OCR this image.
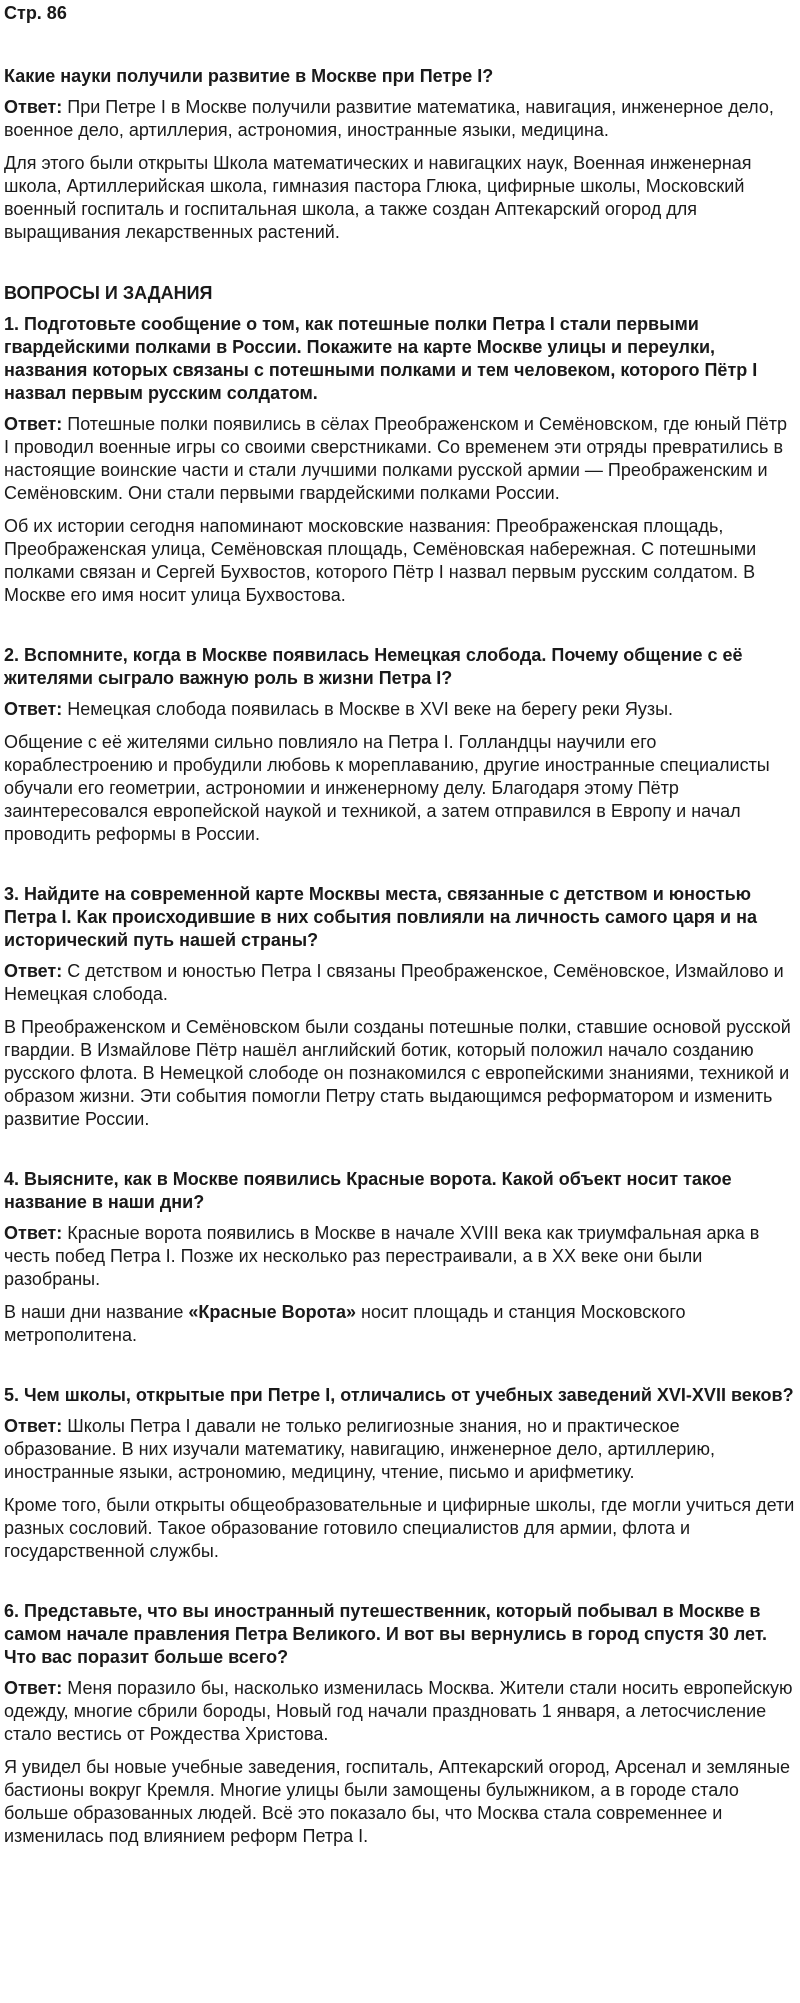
Стр. 86
Какие науки получили развитие в Москве при Петре I?

Ответ: При Петре I в Москве получили развитие математика, навигация, инженерное дело, военное дело, артиллерия, астрономия, иностранные языки, медицина.

Для этого были открыты Школа математических и навигацких наук, Военная инженерная школа, Артиллерийская школа, гимназия пастора Глюка, цифирные школы, Московский военный госпиталь и госпитальная школа, а также создан Аптекарский огород для выращивания лекарственных растений.

ВОПРОСЫ И ЗАДАНИЯ
1. Подготовьте сообщение о том, как потешные полки Петра I стали первыми гвардейскими полками в России. Покажите на карте Москве улицы и переулки, названия которых связаны с потешными полками и тем человеком, которого Пётр I назвал первым русским солдатом.

Ответ: Потешные полки появились в сёлах Преображенском и Семёновском, где юный Пётр I проводил военные игры со своими сверстниками. Со временем эти отряды превратились в настоящие воинские части и стали лучшими полками русской армии — Преображенским и Семёновским. Они стали первыми гвардейскими полками России.

Об их истории сегодня напоминают московские названия: Преображенская площадь, Преображенская улица, Семёновская площадь, Семёновская набережная. С потешными полками связан и Сергей Бухвостов, которого Пётр I назвал первым русским солдатом. В Москве его имя носит улица Бухвостова.

2. Вспомните, когда в Москве появилась Немецкая слобода. Почему общение с её жителями сыграло важную роль в жизни Петра I?

Ответ: Немецкая слобода появилась в Москве в XVI веке на берегу реки Яузы.

Общение с её жителями сильно повлияло на Петра I. Голландцы научили его кораблестроению и пробудили любовь к мореплаванию, другие иностранные специалисты обучали его геометрии, астрономии и инженерному делу. Благодаря этому Пётр заинтересовался европейской наукой и техникой, а затем отправился в Европу и начал проводить реформы в России.

3. Найдите на современной карте Москвы места, связанные с детством и юностью Петра I. Как происходившие в них события повлияли на личность самого царя и на исторический путь нашей страны?

Ответ: С детством и юностью Петра I связаны Преображенское, Семёновское, Измайлово и Немецкая слобода.

В Преображенском и Семёновском были созданы потешные полки, ставшие основой русской гвардии. В Измайлове Пётр нашёл английский ботик, который положил начало созданию русского флота. В Немецкой слободе он познакомился с европейскими знаниями, техникой и образом жизни. Эти события помогли Петру стать выдающимся реформатором и изменить развитие России.

4. Выясните, как в Москве появились Красные ворота. Какой объект носит такое название в наши дни?

Ответ: Красные ворота появились в Москве в начале XVIII века как триумфальная арка в честь побед Петра I. Позже их несколько раз перестраивали, а в XX веке они были разобраны.

В наши дни название «Красные Ворота» носит площадь и станция Московского метрополитена.

5. Чем школы, открытые при Петре I, отличались от учебных заведений XVI-XVII веков?

Ответ: Школы Петра I давали не только религиозные знания, но и практическое образование. В них изучали математику, навигацию, инженерное дело, артиллерию, иностранные языки, астрономию, медицину, чтение, письмо и арифметику.

Кроме того, были открыты общеобразовательные и цифирные школы, где могли учиться дети разных сословий. Такое образование готовило специалистов для армии, флота и государственной службы.

6. Представьте, что вы иностранный путешественник, который побывал в Москве в самом начале правления Петра Великого. И вот вы вернулись в город спустя 30 лет. Что вас поразит больше всего?

Ответ: Меня поразило бы, насколько изменилась Москва. Жители стали носить европейскую одежду, многие сбрили бороды, Новый год начали праздновать 1 января, а летосчисление стало вестись от Рождества Христова.

Я увидел бы новые учебные заведения, госпиталь, Аптекарский огород, Арсенал и земляные бастионы вокруг Кремля. Многие улицы были замощены булыжником, а в городе стало больше образованных людей. Всё это показало бы, что Москва стала современнее и изменилась под влиянием реформ Петра I.
